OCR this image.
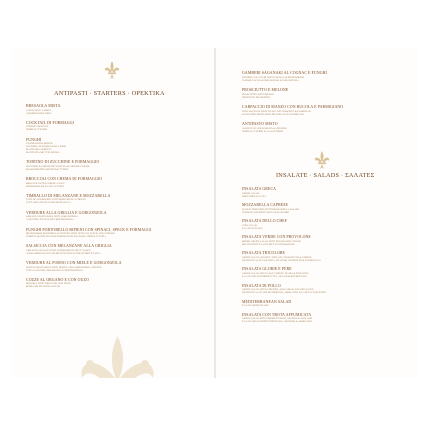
ANTIPASTI · STARTERS · OPEKTIKA
BRESAOLA MISTA
CARNE SECCA MISTA
ASSORTED DRY BEEF
COCKTAIL DI FORMAGGI
CHEESE COCKTAIL
ΠΟΙΚΙΛΙΑ ΤΥΡΙΩΝ
FUNGHI
CHAMPIGNON RIPIENI
DI CREMA DI FORMAGGIO E ERBE
MANITARIA GEMISTA
ΜΑΝΙΤΑΡΙΑ ΜΕ ΤΥΡΙ ΚΡΕΜΑ
TORTINO DI ZUCCHINE E FORMAGGIO
ZUCCHINI & CHEESE PIE WITH MASCARPONE CREAM
ΚΟΛΟΚΥΘΟΠΙΤΑ ΜΕ ΚΡΕΜΑ ΤΥΡΙΟΥ
BROCCOLI CON CREMA DI FORMAGGIO
BROCCOLI WITH CHEESE SAUCE
ΜΠΡΟΚΟΛΟ ΜΕ ΣΑΛΤΣΑ ΤΥΡΙΟΥ
TIMBALLO DI MELANZANE E MOZZARELLA
TART OF AUBERGINE WITH MOZZARELLA CHEESE
ΤΑΡΤΑ ΜΕΛΙΤΖΑΝΑΣ ΜΕ ΜΟΤΣΑΡΕΛΑ
VERDURE ALLA GRIGLIA E GORGONZOLA
GRILLED VEGETABLES WITH GORGONZOLA
ΛΑΧΑΝΙΚΑ ΣΧΑΡΑΣ ΜΕ ΓΚΟΡΓΚΟΝΖΟΛΑ
FUNGHI PORTOBELLO RIPIENI CON SPINACI, SPECK E FORMAGGI
MUSHROOMS PORTOBELLO STUFFED WITH SPINACH, SPECK AND CHEESES
ΓΕΜΙΣΤΑ ΜΑΝΙΤΑΡΙΑ ΠΟΡΤΟΜΠΕΛΟ ΜΕ ΣΠΑΝΑΚΙ, ΣΠΕΚ ΚΑΙ ΤΥΡΙΑ
SALSICCIA CON MELANZANE ALLA GRIGLIA
GRILLED SAUSAGE WITH AUBERGINE IN SPICY SAUCE
ΛΟΥΚΑΝΙΚΟ ΣΧΑΡΑΣ ΜΕ ΜΕΛΙΤΖΑΝΕΣ ΣΕ ΠΙΚΑΝΤΙΚΗ ΣΑΛΤΣΑ
VERDURE AL FORNO CON MIELE E GORGONZOLA
BAKED VEGETABLES WITH HONEY AND GORGONZOLA CHEESE
ΨΗΤΑ ΛΑΧΑΝΙΚΑ ΜΕ ΜΕΛΙ ΚΑΙ ΓΚΟΡΓΚΟΝΖΟΛΑ
COZZE AL ORGANO E CON OUZO
MUSSELS WITH OREGANO AND OUZO
ΜΥΔΙΑ ΜΕ ΡΙΓΑΝΗ ΚΑΙ ΟΥΖΟ
GAMBERI SAGANAKI AL COGNAC E FUNGHI
SHRIMPS SAGANAKI WITH COGNAC & MUSHROOMS
ΓΑΡΙΔΕΣ ΣΑΓΑΝΑΚΙ ΜΕ ΚΟΝΙΑΚ ΚΑΙ ΜΑΝΙΤΑΡΙΑ
PROSCIUTTO E MELONE
PROSCIUTTO WITH MELON
ΠΡΟΣΟΥΤΟ ΜΕ ΠΕΠΟΝΙ
CARPACCIO DI MANZO CON RUCOLA E PARMIGIANO
THIN SLICES OF BEEF FILLET WITH ROCKET & PARMESAN
ΚΑΡΠΑΤΣΙΟ ΜΟΣΧΑΡΙΟΥ ΜΕ ΡΟΚΑ ΚΑΙ ΠΑΡΜΕΖΑΝΑ
ANTIPASTO MISTO
VARIETY OF COLD MEATS & CHEESES
ΠΟΙΚΙΛΙΑ ΤΥΡΙΩΝ & ΑΛΛΑΝΤΙΚΩΝ
INSALATE · SALADS · ΣΑΛΑΤΕΣ
INSALATA GRECA
GREEK SALAD
ΧΩΡΙΑΤΙΚΗ ΣΑΛΑΤΑ
MOZZARELLA CAPRESE
SLICED TOMATOES WITH MOZZARELLA & BASIL
ΝΤΟΜΑΤΑ ΜΕ ΜΟΤΣΑΡΕΛΑ & ΒΑΣΙΛΙΚΟ
INSALATA DELLO CHEF
CHEF SALAD
ΣΑΛΑΤΑ ΤΟΥ ΣΕΦ
INSALATA VERDE CON PROVOLONE
MIXED GREEN SALAD WITH PROVOLONE CHEESE
ΜΙΞ ΠΡΑΣΙΝΗ ΣΑΛΑΤΑ ΜΕ ΤΥΡΙ ΠΡΟΒΟΛΟΝΕ
INSALATA TRICOLORE
GREEN SALAD, ROCKET, SPINACH, PROSCIUTTO & CHEESE
ΠΡΑΣΙΝΗ ΣΑΛΑΤΑ ΜΕ ΡΟΚΑ, ΣΠΑΝΑΚΙ, ΠΡΟΣΟΥΤΟ & ΠΑΡΜΕΖΑΝΑ
INSALATA GLORIE E PERE
GREEN SALAD WITH GOAT CHEESE, PEARS & PINE NUTS
ΣΑΛΑΤΑ ΜΕ ΚΑΤΣΙΚΙΣΙΟ ΤΥΡΙ, ΑΧΛΑΔΙ & ΚΟΥΚΟΥΝΑΡΙ
INSALATA DI POLLO
GREEN SALAD WITH CHICKEN, AVOCADO & YOGURT SAUCE
ΠΡΑΣΙΝΗ ΣΑΛΑΤΑ ΜΕ ΚΟΤΟΠΟΥΛΟ, ΑΒΟΚΑΝΤΟ & ΣΑΛΤΣΑ ΓΙΑΟΥΡΤΙΟΥ
MEDITERRANEAN SALAD
ΣΑΛΑΤΑ ΜΕΣΟΓΕΙΑΚΗ
INSALATA CON TROTA AFFUMICATA
GREEN SALAD WITH SMOKED TROUT, MANGO & AVOCADO
ΣΑΛΑΤΑ ΜΕ ΚΑΠΝΙΣΤΗ ΠΕΣΤΡΟΦΑ, ΜΑΝΓΚΟ & ΑΒΟΚΑΝΤΟ
